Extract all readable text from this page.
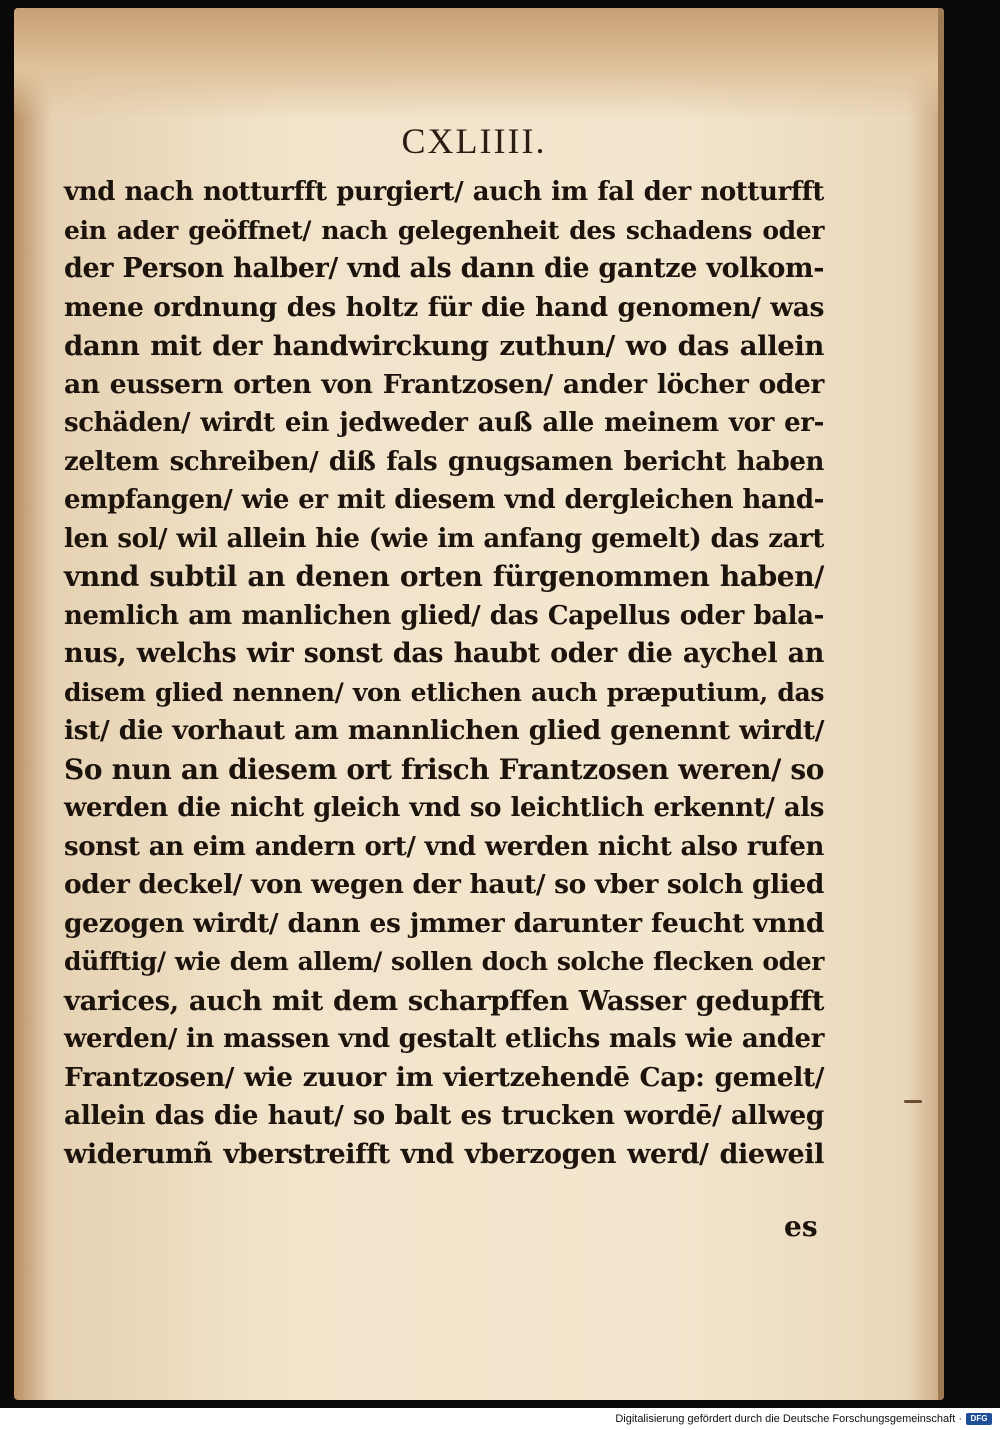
CXLIIII.
vnd nach notturfft purgiert/ auch im fal der notturfft
ein ader geöffnet/ nach gelegenheit des schadens oder
der Person halber/ vnd als dann die gantze volkom-
mene ordnung des holtz für die hand genomen/ was
dann mit der handwirckung zuthun/ wo das allein
an eussern orten von Frantzosen/ ander löcher oder
schäden/ wirdt ein jedweder auß alle meinem vor er-
zeltem schreiben/ diß fals gnugsamen bericht haben
empfangen/ wie er mit diesem vnd dergleichen hand-
len sol/ wil allein hie (wie im anfang gemelt) das zart
vnnd subtil an denen orten fürgenommen haben/
nemlich am manlichen glied/ das Capellus oder bala-
nus, welchs wir sonst das haubt oder die aychel an
disem glied nennen/ von etlichen auch præputium, das
ist/ die vorhaut am mannlichen glied genennt wirdt/
So nun an diesem ort frisch Frantzosen weren/ so
werden die nicht gleich vnd so leichtlich erkennt/ als
sonst an eim andern ort/ vnd werden nicht also rufen
oder deckel/ von wegen der haut/ so vber solch glied
gezogen wirdt/ dann es jmmer darunter feucht vnnd
düfftig/ wie dem allem/ sollen doch solche flecken oder
varices, auch mit dem scharpffen Wasser gedupfft
werden/ in massen vnd gestalt etlichs mals wie ander
Frantzosen/ wie zuuor im viertzehendē Cap: gemelt/
allein das die haut/ so balt es trucken wordē/ allweg
widerumñ vberstreifft vnd vberzogen werd/ dieweil
es
Digitalisierung gefördert durch die Deutsche Forschungsgemeinschaft ·	DFG
